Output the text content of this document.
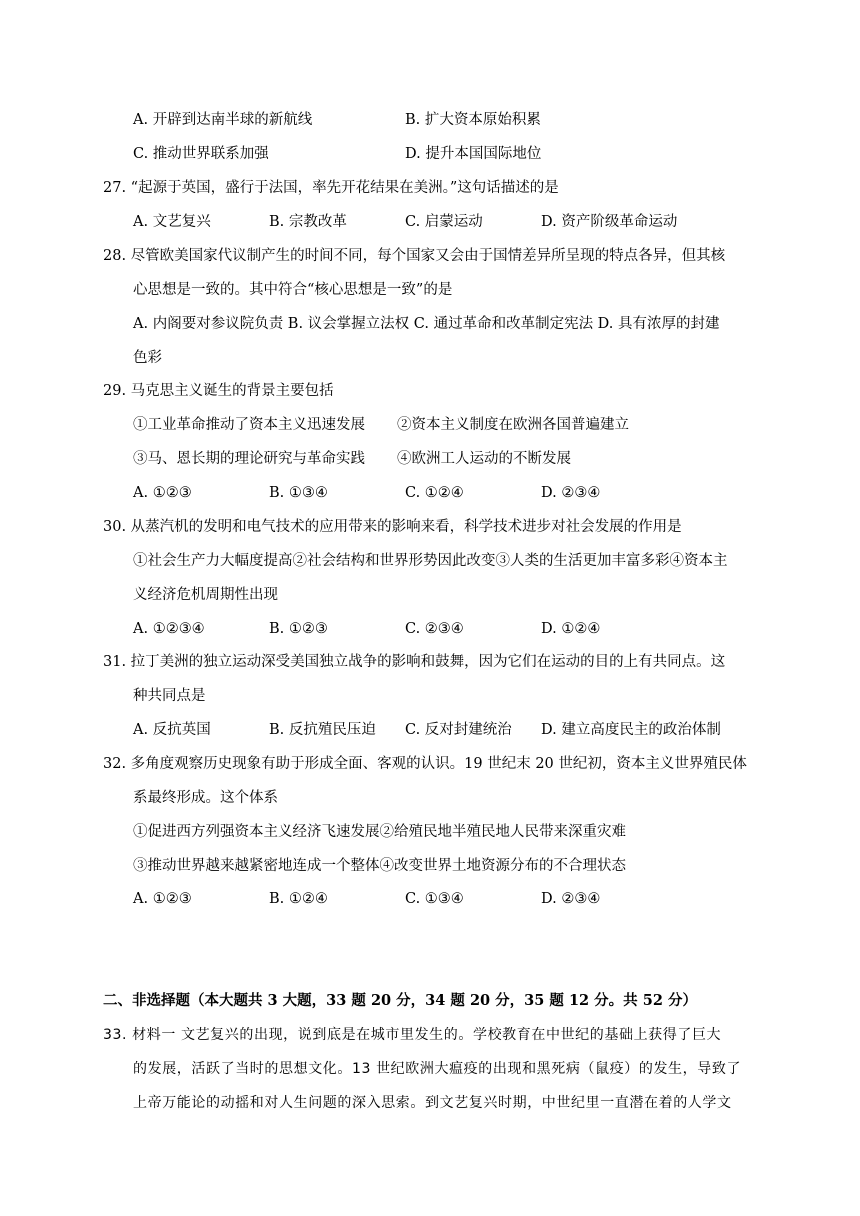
A. 开辟到达南半球的新航线	B. 扩大资本原始积累
C. 推动世界联系加强	D. 提升本国国际地位
27. “起源于英国，盛行于法国，率先开花结果在美洲。”这句话描述的是
A. 文艺复兴	B. 宗教改革	C. 启蒙运动	D. 资产阶级革命运动
28. 尽管欧美国家代议制产生的时间不同，每个国家又会由于国情差异所呈现的特点各异，但其核
心思想是一致的。其中符合“核心思想是一致”的是
A. 内阁要对参议院负责 B. 议会掌握立法权 C. 通过革命和改革制定宪法 D. 具有浓厚的封建
色彩
29. 马克思主义诞生的背景主要包括
①工业革命推动了资本主义迅速发展 ②资本主义制度在欧洲各国普遍建立
③马、恩长期的理论研究与革命实践 ④欧洲工人运动的不断发展
A. ①②③	B. ①③④	C. ①②④	D. ②③④
30. 从蒸汽机的发明和电气技术的应用带来的影响来看，科学技术进步对社会发展的作用是
①社会生产力大幅度提高②社会结构和世界形势因此改变③人类的生活更加丰富多彩④资本主
义经济危机周期性出现
A. ①②③④	B. ①②③	C. ②③④	D. ①②④
31. 拉丁美洲的独立运动深受美国独立战争的影响和鼓舞，因为它们在运动的目的上有共同点。这
种共同点是
A. 反抗英国	B. 反抗殖民压迫 C. 反对封建统治 D. 建立高度民主的政治体制
32. 多角度观察历史现象有助于形成全面、客观的认识。19 世纪末 20 世纪初，资本主义世界殖民体
系最终形成。这个体系
①促进西方列强资本主义经济飞速发展②给殖民地半殖民地人民带来深重灾难
③推动世界越来越紧密地连成一个整体④改变世界土地资源分布的不合理状态
A. ①②③	B. ①②④	C. ①③④	D. ②③④
二、非选择题（本大题共 3 大题，33 题 20 分，34 题 20 分，35 题 12 分。共 52 分）
33. 材料一 文艺复兴的出现，说到底是在城市里发生的。学校教育在中世纪的基础上获得了巨大
的发展，活跃了当时的思想文化。13 世纪欧洲大瘟疫的出现和黑死病（鼠疫）的发生，导致了
上帝万能论的动摇和对人生问题的深入思索。到文艺复兴时期，中世纪里一直潜在着的人学文
